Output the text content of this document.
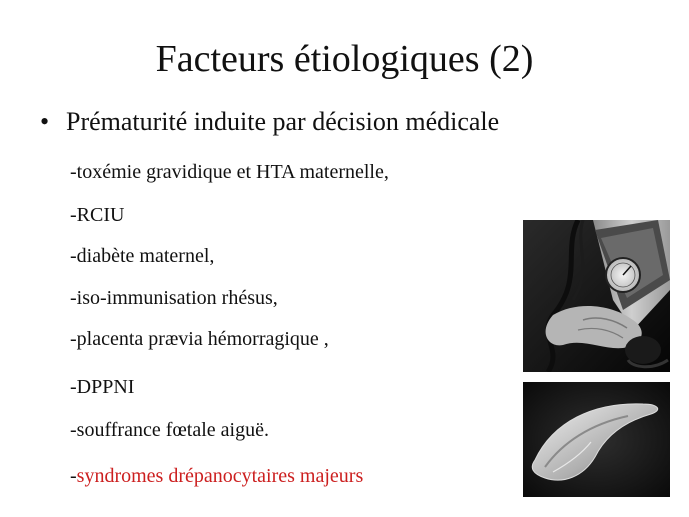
Facteurs étiologiques (2)
• Prématurité induite par décision médicale
-toxémie gravidique et HTA maternelle,
-RCIU
-diabète maternel,
-iso-immunisation rhésus,
-placenta prævia hémorragique ,
-DPPNI
-souffrance fœtale aiguë.
-syndromes drépanocytaires majeurs
